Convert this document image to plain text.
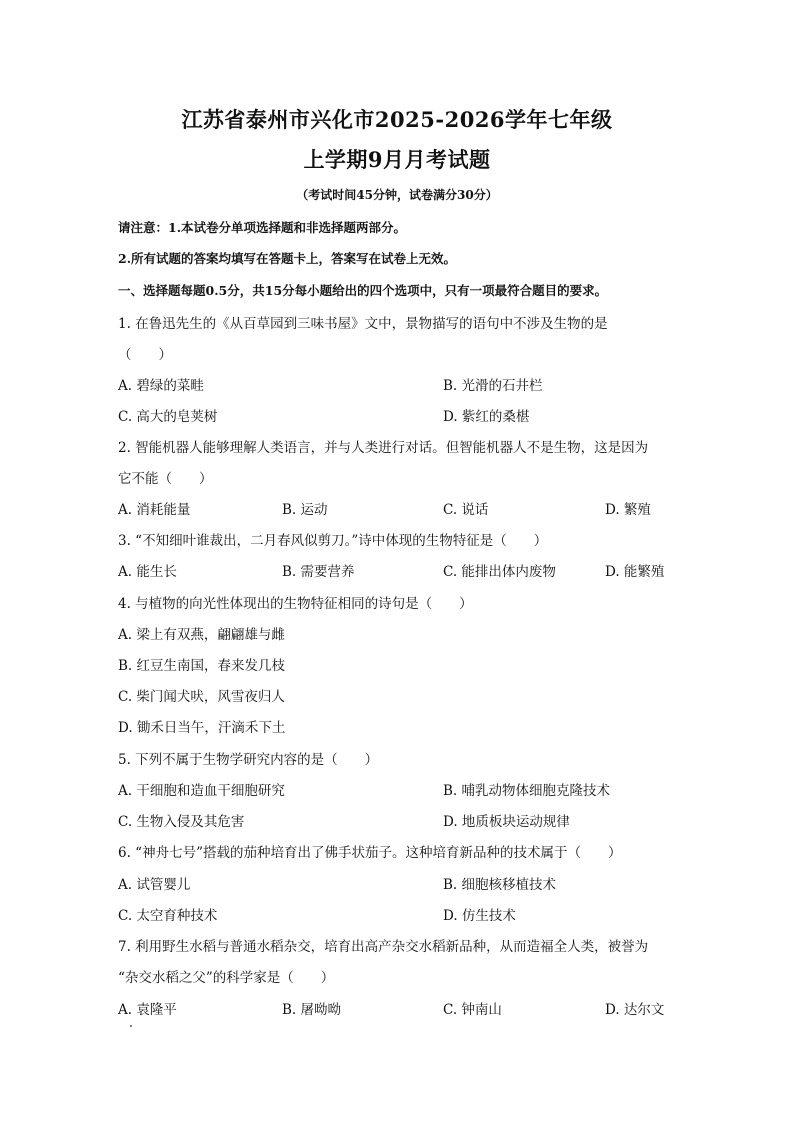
江苏省泰州市兴化市2025-2026学年七年级
上学期9月月考试题
（考试时间45分钟，试卷满分30分）
请注意：1.本试卷分单项选择题和非选择题两部分。
2.所有试题的答案均填写在答题卡上，答案写在试卷上无效。
一、选择题每题0.5分，共15分每小题给出的四个选项中，只有一项最符合题目的要求。
1. 在鲁迅先生的《从百草园到三味书屋》文中，景物描写的语句中不涉及生物的是
（　　）
A. 碧绿的菜畦	B. 光滑的石井栏
C. 高大的皂荚树	D. 紫红的桑椹
2. 智能机器人能够理解人类语言，并与人类进行对话。但智能机器人不是生物，这是因为
它不能（　　）
A. 消耗能量	B. 运动	C. 说话	D. 繁殖
3. “不知细叶谁裁出，二月春风似剪刀。”诗中体现的生物特征是（　　）
A. 能生长	B. 需要营养	C. 能排出体内废物	D. 能繁殖
4. 与植物的向光性体现出的生物特征相同的诗句是（　　）
A. 梁上有双燕，翩翩雄与雌
B. 红豆生南国，春来发几枝
C. 柴门闻犬吠，风雪夜归人
D. 锄禾日当午，汗滴禾下土
5. 下列不属于生物学研究内容的是（　　）
A. 干细胞和造血干细胞研究	B. 哺乳动物体细胞克隆技术
C. 生物入侵及其危害	D. 地质板块运动规律
6. “神舟七号”搭载的茄种培育出了佛手状茄子。这种培育新品种的技术属于（　　）
A. 试管婴儿	B. 细胞核移植技术
C. 太空育种技术	D. 仿生技术
7. 利用野生水稻与普通水稻杂交，培育出高产杂交水稻新品种，从而造福全人类，被誉为
“杂交水稻之父”的科学家是（　　）
A. 袁隆平	B. 屠呦呦	C. 钟南山	D. 达尔文
